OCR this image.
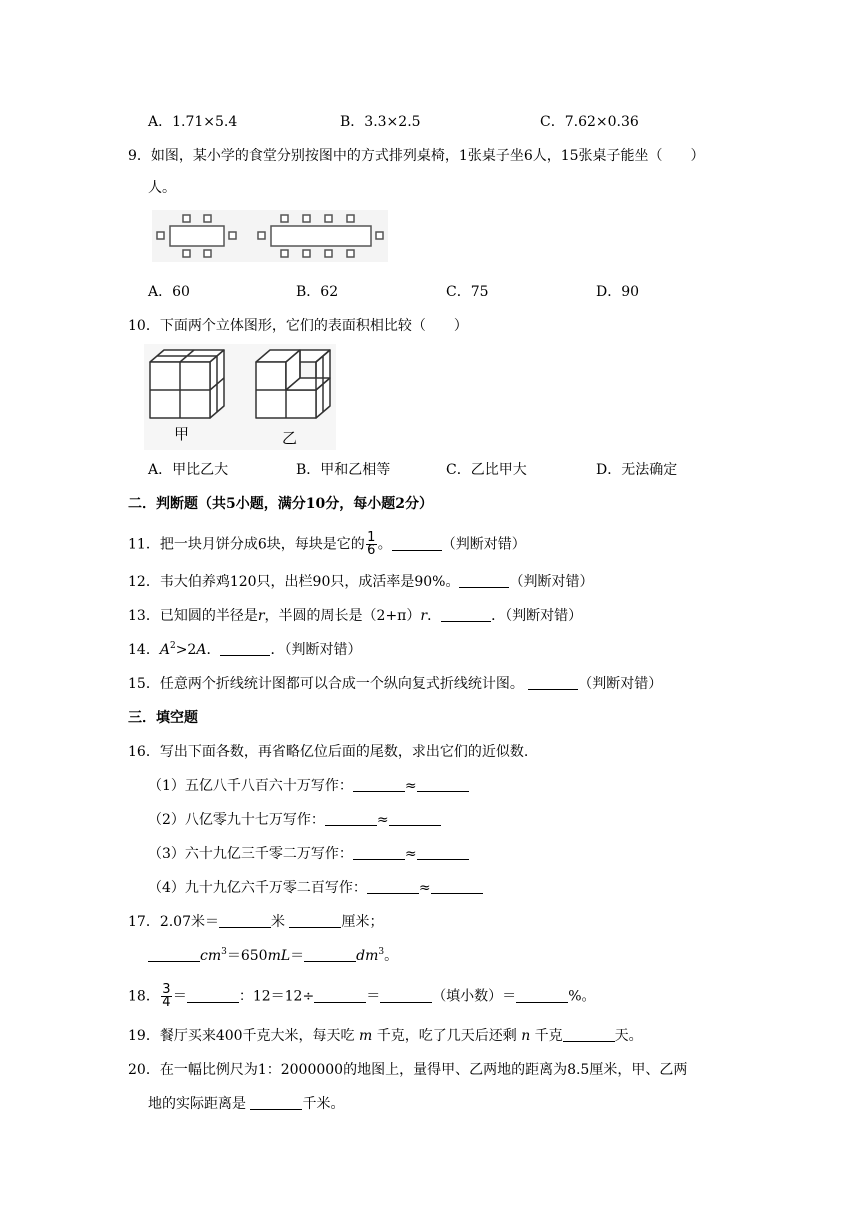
A．1.71×5.4	B．3.3×2.5	C．7.62×0.36
9．如图，某小学的食堂分别按图中的方式排列桌椅，1张桌子坐6人，15张桌子能坐（　　）
人。
A．60	B．62	C．75	D．90
10．下面两个立体图形，它们的表面积相比较（　　）
甲	乙
A．甲比乙大	B．甲和乙相等	C．乙比甲大	D．无法确定
二．判断题（共5小题，满分10分，每小题2分）
11．把一块月饼分成6块，每块是它的 $\frac{1}{6}$ 。	（判断对错）
12．韦大伯养鸡120只，出栏90只，成活率是90%。	（判断对错）
13．已知圆的半径是r，半圆的周长是（2+π）r．	．（判断对错）
14．$A^2>2A$．	．（判断对错）
15．任意两个折线统计图都可以合成一个纵向复式折线统计图。	（判断对错）
三．填空题
16．写出下面各数，再省略亿位后面的尾数，求出它们的近似数.
（1）五亿八千八百六十万写作：	≈
（2）八亿零九十七万写作：	≈
（3）六十九亿三千零二万写作：	≈
（4）九十九亿六千万零二百写作：	≈
17．2.07米＝	米	厘米；
$cm^3=650mL=$	$dm^3$。
18． $\frac{3}{4}$ ＝	：12＝12÷	＝	（填小数）＝	%。
19．餐厅买来400千克大米，每天吃 m 千克，吃了几天后还剩 n 千克	天。
20．在一幅比例尺为1：2000000的地图上，量得甲、乙两地的距离为8.5厘米，甲、乙两
地的实际距离是	千米。
